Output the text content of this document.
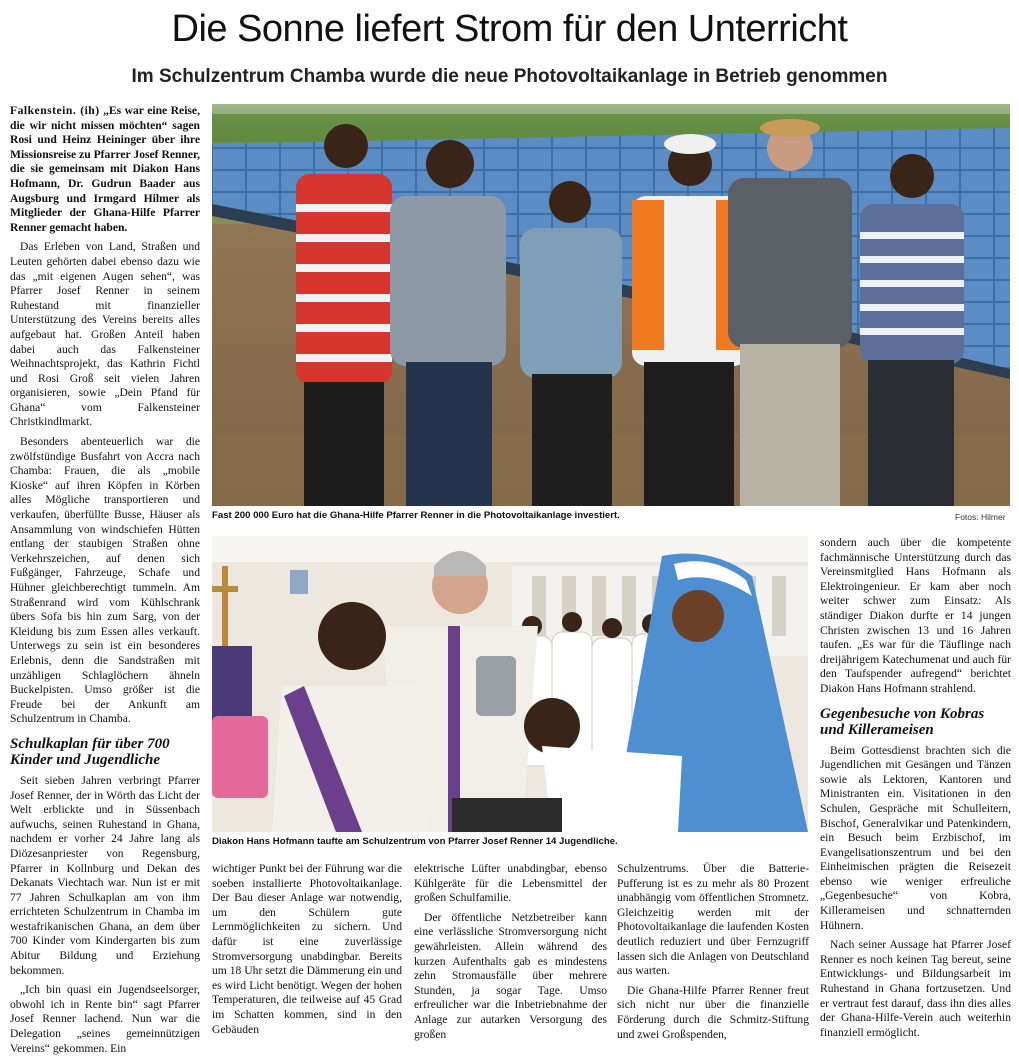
Die Sonne liefert Strom für den Unterricht
Im Schulzentrum Chamba wurde die neue Photovoltaikanlage in Betrieb genommen

Falkenstein. (ih) „Es war eine Reise, die wir nicht missen möchten“ sagen Rosi und Heinz Heininger über ihre Missionsreise zu Pfarrer Josef Renner, die sie gemeinsam mit Diakon Hans Hofmann, Dr. Gudrun Baader aus Augsburg und Irmgard Hilmer als Mitglieder der Ghana-Hilfe Pfarrer Renner gemacht haben.

Das Erleben von Land, Straßen und Leuten gehörten dabei ebenso dazu wie das „mit eigenen Augen sehen“, was Pfarrer Josef Renner in seinem Ruhestand mit finanzieller Unterstützung des Vereins bereits alles aufgebaut hat. Großen Anteil haben dabei auch das Falkensteiner Weihnachtsprojekt, das Kathrin Fichtl und Rosi Groß seit vielen Jahren organisieren, sowie „Dein Pfand für Ghana“ vom Falkensteiner Christkindlmarkt.

Besonders abenteuerlich war die zwölfstündige Busfahrt von Accra nach Chamba: Frauen, die als „mobile Kioske“ auf ihren Köpfen in Körben alles Mögliche transportieren und verkaufen, überfüllte Busse, Häuser als Ansammlung von windschiefen Hütten entlang der staubigen Straßen ohne Verkehrszeichen, auf denen sich Fußgänger, Fahrzeuge, Schafe und Hühner gleichberechtigt tummeln. Am Straßenrand wird vom Kühlschrank übers Sofa bis hin zum Sarg, von der Kleidung bis zum Essen alles verkauft. Unterwegs zu sein ist ein besonderes Erlebnis, denn die Sandstraßen mit unzähligen Schlaglöchern ähneln Buckelpisten. Umso größer ist die Freude bei der Ankunft am Schulzentrum in Chamba.

Schulkaplan für über 700 Kinder und Jugendliche

Seit sieben Jahren verbringt Pfarrer Josef Renner, der in Wörth das Licht der Welt erblickte und in Süssenbach aufwuchs, seinen Ruhestand in Ghana, nachdem er vorher 24 Jahre lang als Diözesanpriester von Regensburg, Pfarrer in Kollnburg und Dekan des Dekanats Viechtach war. Nun ist er mit 77 Jahren Schulkaplan am von ihm errichteten Schulzentrum in Chamba im westafrikanischen Ghana, an dem über 700 Kinder vom Kindergarten bis zum Abitur Bildung und Erziehung bekommen.

„Ich bin quasi ein Jugendseelsorger, obwohl ich in Rente bin“ sagt Pfarrer Josef Renner lachend. Nun war die Delegation „seines gemeinnützigen Vereins“ gekommen. Ein

Fast 200 000 Euro hat die Ghana-Hilfe Pfarrer Renner in die Photovoltaikanlage investiert.	Fotos: Hilmer
Diakon Hans Hofmann taufte am Schulzentrum von Pfarrer Josef Renner 14 Jugendliche.

wichtiger Punkt bei der Führung war die soeben installierte Photovoltaikanlage. Der Bau dieser Anlage war notwendig, um den Schülern gute Lernmöglichkeiten zu sichern. Und dafür ist eine zuverlässige Stromversorgung unabdingbar. Bereits um 18 Uhr setzt die Dämmerung ein und es wird Licht benötigt. Wegen der hohen Temperaturen, die teilweise auf 45 Grad im Schatten kommen, sind in den Gebäuden

elektrische Lüfter unabdingbar, ebenso Kühlgeräte für die Lebensmittel der großen Schulfamilie.

Der öffentliche Netzbetreiber kann eine verlässliche Stromversorgung nicht gewährleisten. Allein während des kurzen Aufenthalts gab es mindestens zehn Stromausfälle über mehrere Stunden, ja sogar Tage. Umso erfreulicher war die Inbetriebnahme der Anlage zur autarken Versorgung des großen

Schulzentrums. Über die Batterie-Pufferung ist es zu mehr als 80 Prozent unabhängig vom öffentlichen Stromnetz. Gleichzeitig werden mit der Photovoltaikanlage die laufenden Kosten deutlich reduziert und über Fernzugriff lassen sich die Anlagen von Deutschland aus warten.

Die Ghana-Hilfe Pfarrer Renner freut sich nicht nur über die finanzielle Förderung durch die Schmitz-Stiftung und zwei Großspenden,

sondern auch über die kompetente fachmännische Unterstützung durch das Vereinsmitglied Hans Hofmann als Elektroingenieur. Er kam aber noch weiter schwer zum Einsatz: Als ständiger Diakon durfte er 14 jungen Christen zwischen 13 und 16 Jahren taufen. „Es war für die Täuflinge nach dreijährigem Katechumenat und auch für den Taufspender aufregend“ berichtet Diakon Hans Hofmann strahlend.

Gegenbesuche von Kobras und Killerameisen

Beim Gottesdienst brachten sich die Jugendlichen mit Gesängen und Tänzen sowie als Lektoren, Kantoren und Ministranten ein. Visitationen in den Schulen, Gespräche mit Schulleitern, Bischof, Generalvikar und Patenkindern, ein Besuch beim Erzbischof, im Evangelisationszentrum und bei den Einheimischen prägten die Reisezeit ebenso wie weniger erfreuliche „Gegenbesuche“ von Kobra, Killerameisen und schnatternden Hühnern.

Nach seiner Aussage hat Pfarrer Josef Renner es noch keinen Tag bereut, seine Entwicklungs- und Bildungsarbeit im Ruhestand in Ghana fortzusetzen. Und er vertraut fest darauf, dass ihn dies alles der Ghana-Hilfe-Verein auch weiterhin finanziell ermöglicht.
